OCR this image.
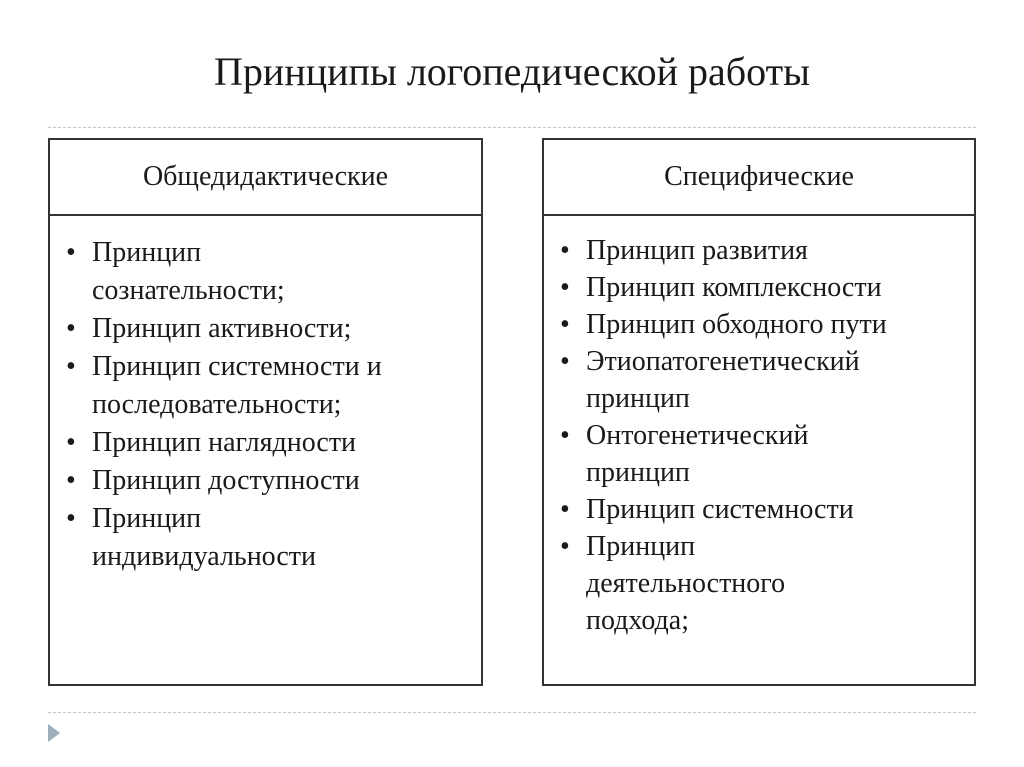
Принципы логопедической работы
Общедидактические
• Принцип сознательности;
• Принцип активности;
• Принцип системности и последовательности;
• Принцип наглядности
• Принцип доступности
• Принцип индивидуальности
Специфические
• Принцип развития
• Принцип комплексности
• Принцип обходного пути
• Этиопатогенетический принцип
• Онтогенетический принцип
• Принцип системности
• Принцип деятельностного подхода;
